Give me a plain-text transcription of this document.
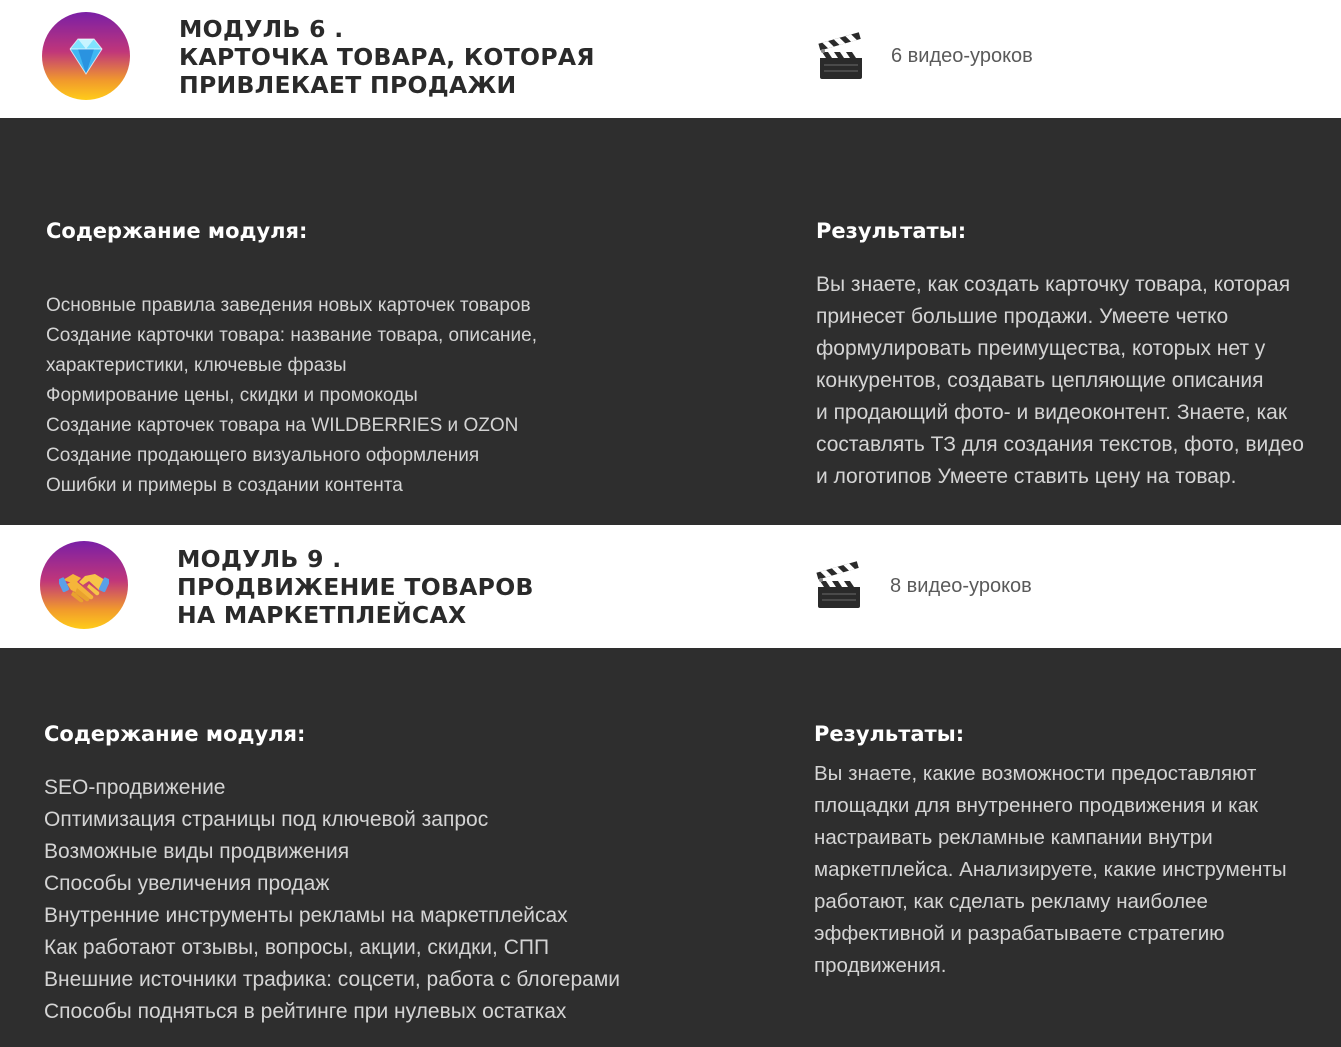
МОДУЛЬ 6 .
КАРТОЧКА ТОВАРА, КОТОРАЯ
ПРИВЛЕКАЕТ ПРОДАЖИ
6 видео-уроков
Содержание модуля:
Основные правила заведения новых карточек товаров
Создание карточки товара: название товара, описание,
характеристики, ключевые фразы
Формирование цены, скидки и промокоды
Создание карточек товара на WILDBERRIES и OZON
Создание продающего визуального оформления
Ошибки и примеры в создании контента
Результаты:

Вы знаете, как создать карточку товара, которая
принесет большие продажи. Умеете четко
формулировать преимущества, которых нет у
конкурентов, создавать цепляющие описания
и продающий фото- и видеоконтент. Знаете, как
составлять ТЗ для создания текстов, фото, видео
и логотипов Умеете ставить цену на товар.

МОДУЛЬ 9 .
ПРОДВИЖЕНИЕ ТОВАРОВ
НА МАРКЕТПЛЕЙСАХ
8 видео-уроков
Содержание модуля:
SEO-продвижение
Оптимизация страницы под ключевой запрос
Возможные виды продвижения
Способы увеличения продаж
Внутренние инструменты рекламы на маркетплейсах
Как работают отзывы, вопросы, акции, скидки, СПП
Внешние источники трафика: соцсети, работа с блогерами
Способы подняться в рейтинге при нулевых остатках
Результаты:

Вы знаете, какие возможности предоставляют
площадки для внутреннего продвижения и как
настраивать рекламные кампании внутри
маркетплейса. Анализируете, какие инструменты
работают, как сделать рекламу наиболее
эффективной и разрабатываете стратегию
продвижения.
